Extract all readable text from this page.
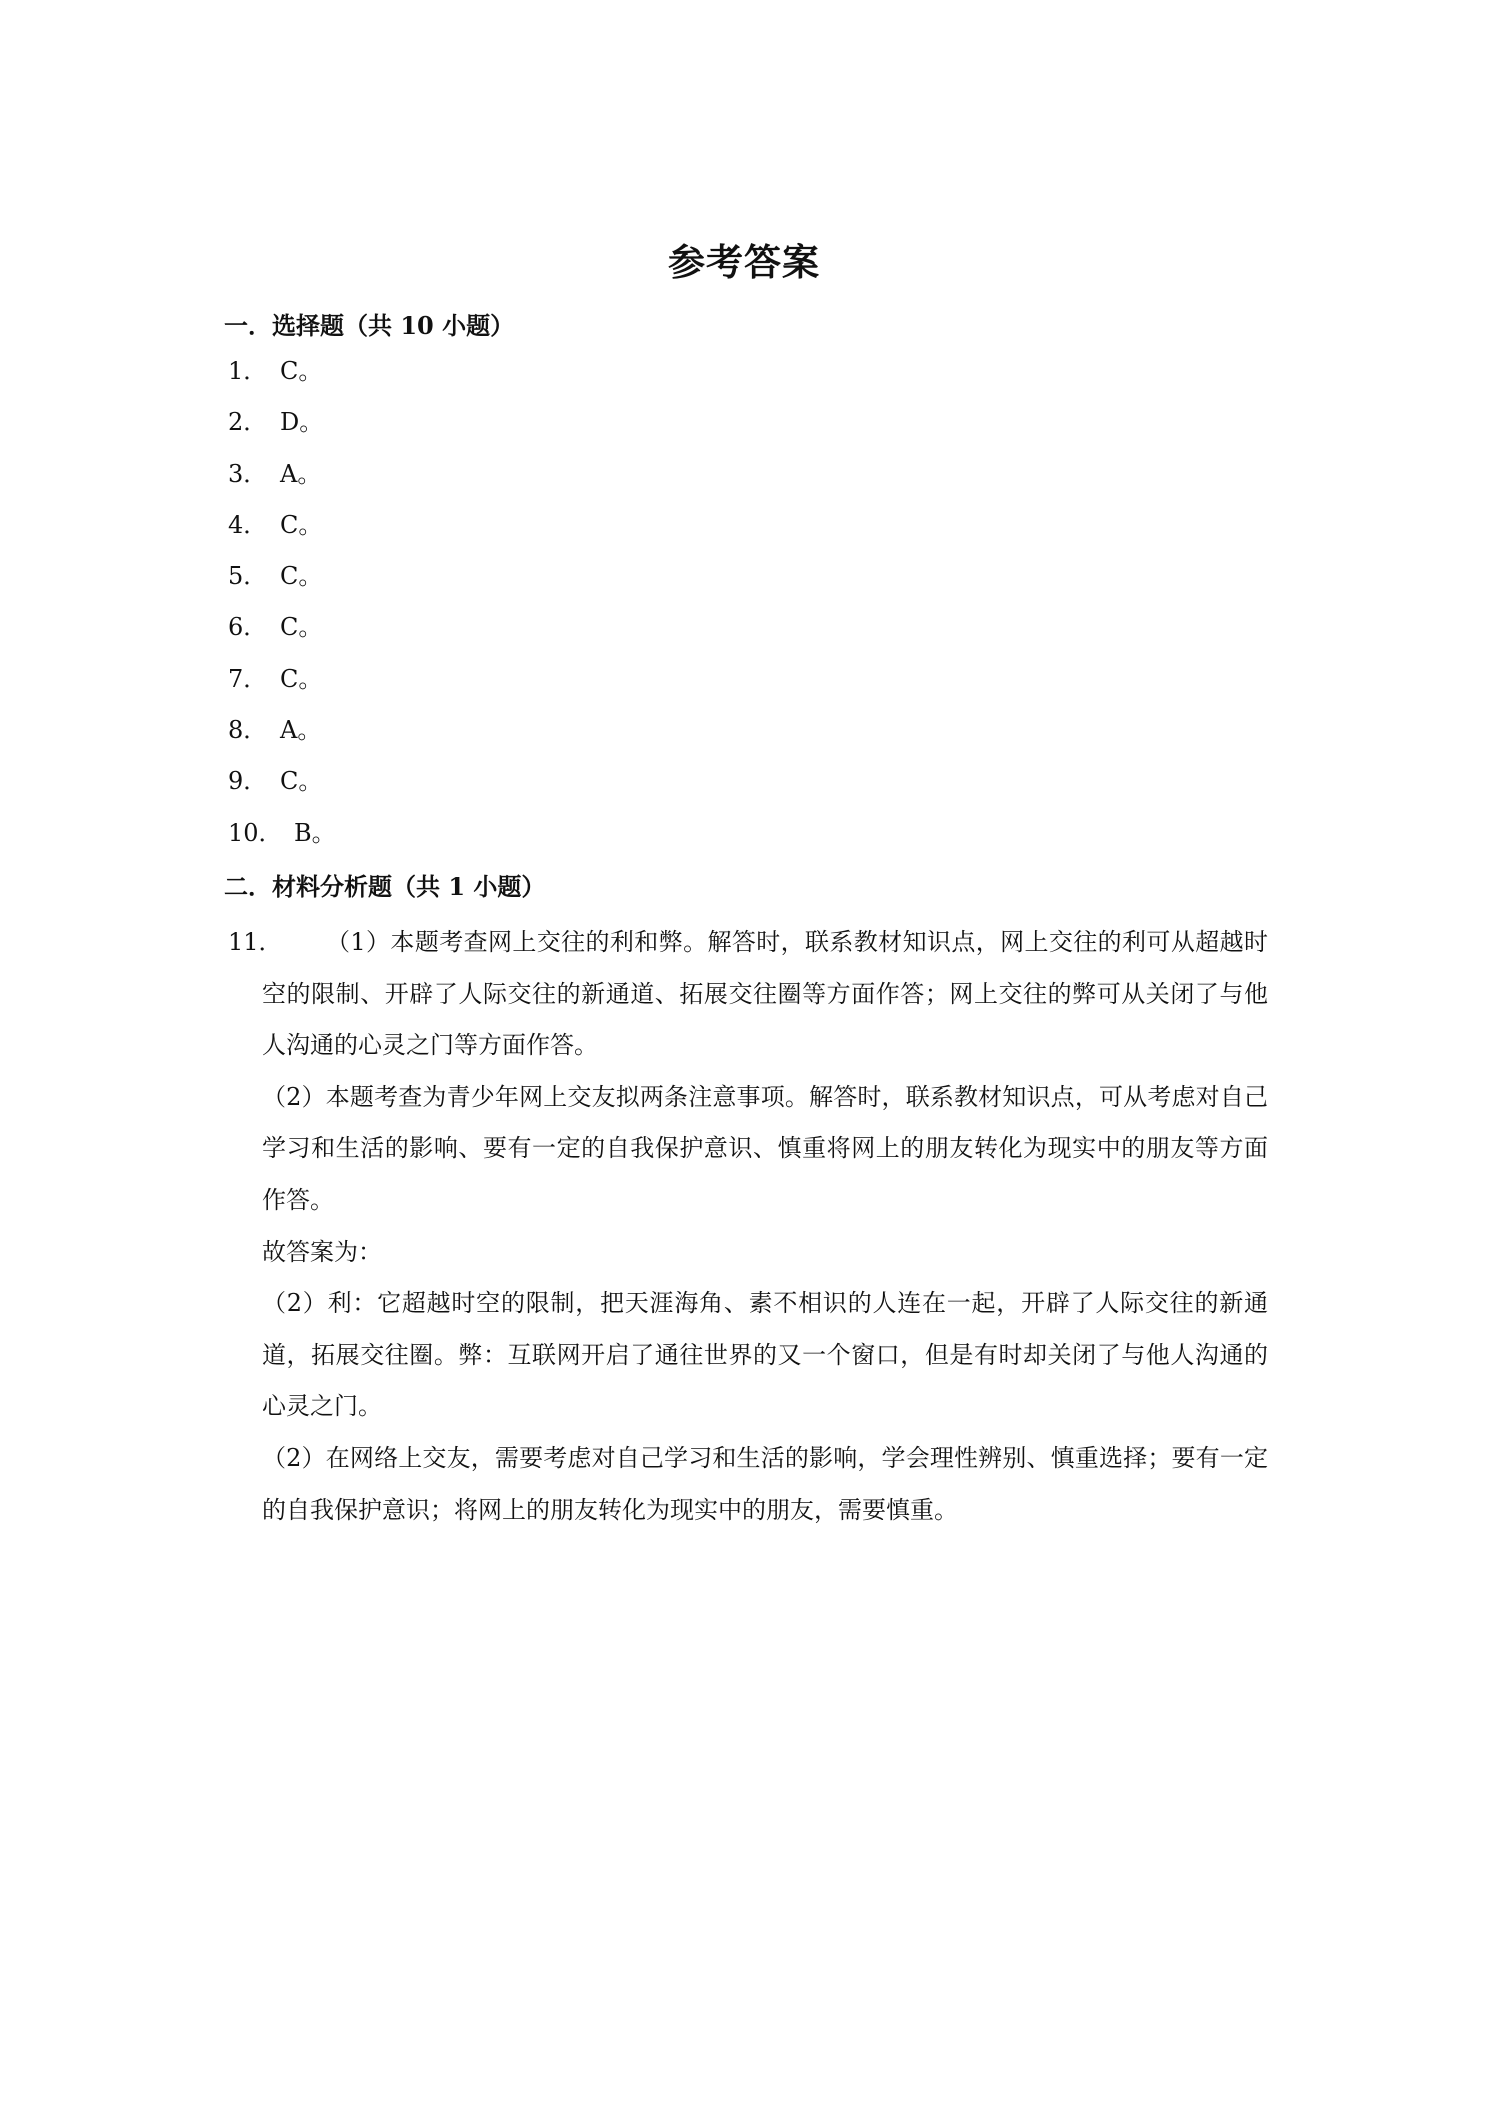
参考答案
一．选择题（共 10 小题）
1． C。
2． D。
3． A。
4． C。
5． C。
6． C。
7． C。
8． A。
9． C。
10． B。
二．材料分析题（共 1 小题）
11．	（1）本题考查网上交往的利和弊。解答时，联系教材知识点，网上交往的利可从超越时空的限制、开辟了人际交往的新通道、拓展交往圈等方面作答；网上交往的弊可从关闭了与他人沟通的心灵之门等方面作答。
（2）本题考查为青少年网上交友拟两条注意事项。解答时，联系教材知识点，可从考虑对自己学习和生活的影响、要有一定的自我保护意识、慎重将网上的朋友转化为现实中的朋友等方面作答。
故答案为：
（2）利：它超越时空的限制，把天涯海角、素不相识的人连在一起，开辟了人际交往的新通道，拓展交往圈。弊：互联网开启了通往世界的又一个窗口，但是有时却关闭了与他人沟通的心灵之门。
（2）在网络上交友，需要考虑对自己学习和生活的影响，学会理性辨别、慎重选择；要有一定的自我保护意识；将网上的朋友转化为现实中的朋友，需要慎重。
